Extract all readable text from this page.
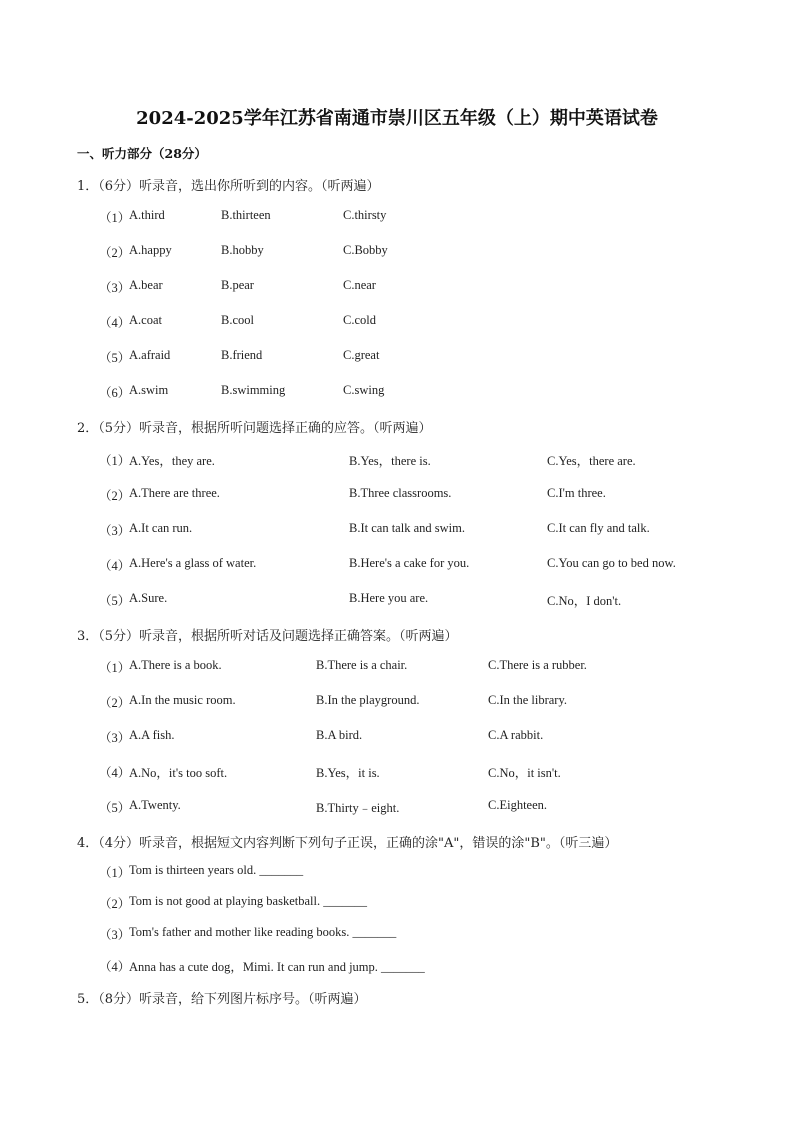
2024-2025学年江苏省南通市崇川区五年级（上）期中英语试卷
一、听力部分（28分）
1．（6分）听录音，选出你所听到的内容。（听两遍）
（1）
A.third	B.thirteen	C.thirsty
（2）
A.happy	B.hobby	C.Bobby
（3）
A.bear	B.pear	C.near
（4）
A.coat	B.cool	C.cold
（5）
A.afraid	B.friend	C.great
（6）
A.swim	B.swimming	C.swing
2．（5分）听录音，根据所听问题选择正确的应答。（听两遍）
（1）
A.Yes，they are.	B.Yes，there is.	C.Yes，there are.
（2）
A.There are three.	B.Three classrooms.	C.I'm three.
（3）
A.It can run.	B.It can talk and swim.	C.It can fly and talk.
（4）
A.Here's a glass of water.	B.Here's a cake for you.	C.You can go to bed now.
（5）
A.Sure.	B.Here you are.	C.No，I don't.
3．（5分）听录音，根据所听对话及问题选择正确答案。（听两遍）
（1）
A.There is a book.	B.There is a chair.	C.There is a rubber.
（2）
A.In the music room.	B.In the playground.	C.In the library.
（3）
A.A fish.	B.A bird.	C.A rabbit.
（4）
A.No，it's too soft.	B.Yes，it is.	C.No，it isn't.
（5）
A.Twenty.	B.Thirty﹣eight.	C.Eighteen.
4．（4分）听录音，根据短文内容判断下列句子正误，正确的涂"A"，错误的涂"B"。（听三遍）
（1）
Tom is thirteen years old. _______
（2）
Tom is not good at playing basketball. _______
（3）
Tom's father and mother like reading books. _______
（4）
Anna has a cute dog，Mimi. It can run and jump. _______
5．（8分）听录音，给下列图片标序号。（听两遍）
